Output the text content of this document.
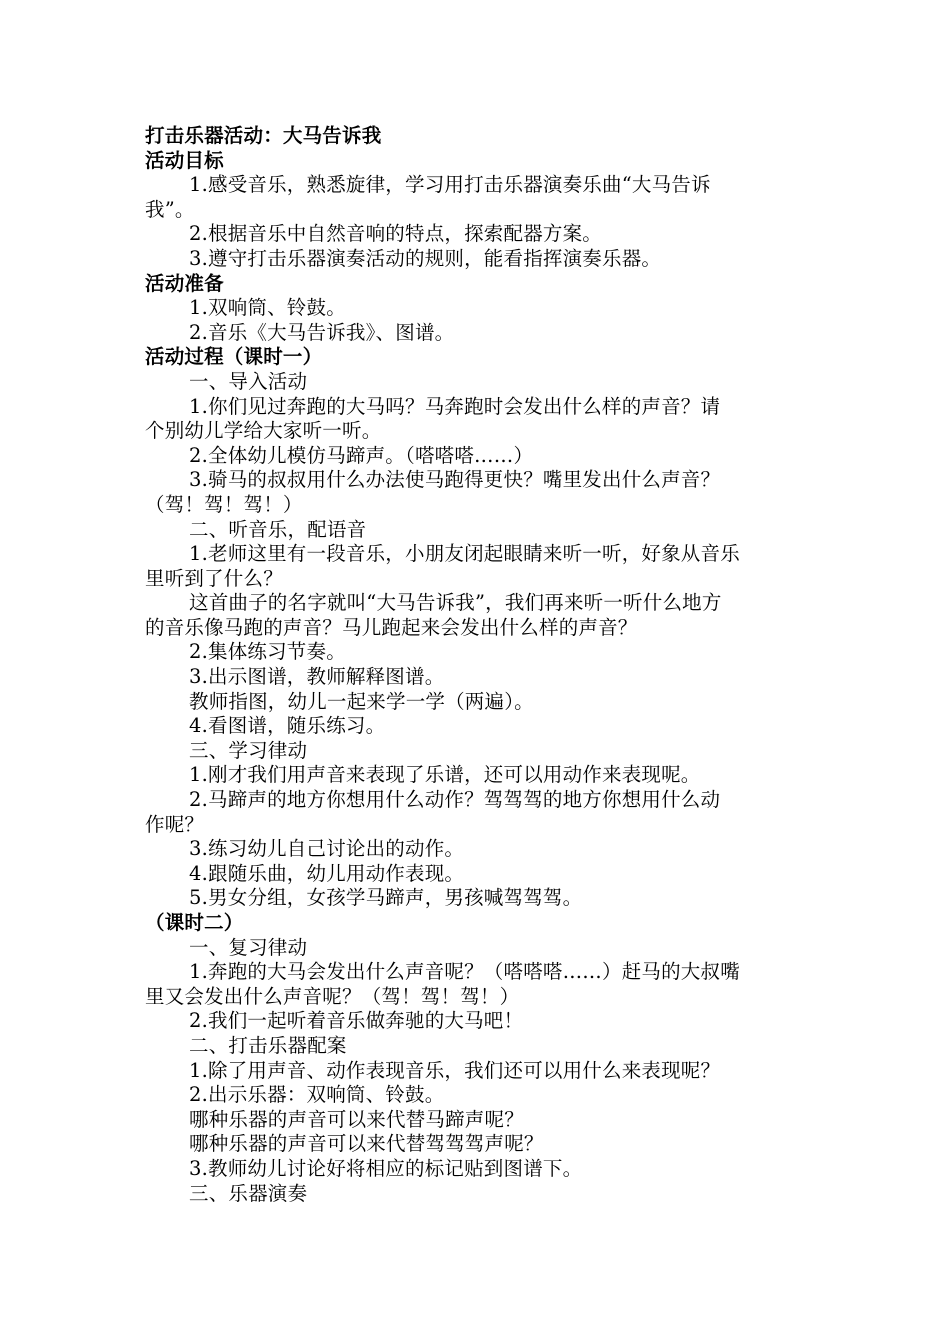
打击乐器活动：大马告诉我
活动目标
1.感受音乐，熟悉旋律，学习用打击乐器演奏乐曲“大马告诉
我”。
2.根据音乐中自然音响的特点，探索配器方案。
3.遵守打击乐器演奏活动的规则，能看指挥演奏乐器。
活动准备
1.双响筒、铃鼓。
2.音乐《大马告诉我》、图谱。
活动过程（课时一）
一、导入活动
1.你们见过奔跑的大马吗？马奔跑时会发出什么样的声音？请
个别幼儿学给大家听一听。
2.全体幼儿模仿马蹄声。（嗒嗒嗒……）
3.骑马的叔叔用什么办法使马跑得更快？嘴里发出什么声音？
（驾！驾！驾！）
二、听音乐，配语音
1.老师这里有一段音乐，小朋友闭起眼睛来听一听，好象从音乐
里听到了什么？
这首曲子的名字就叫“大马告诉我”，我们再来听一听什么地方
的音乐像马跑的声音？马儿跑起来会发出什么样的声音？
2.集体练习节奏。
3.出示图谱，教师解释图谱。
教师指图，幼儿一起来学一学（两遍）。
4.看图谱，随乐练习。
三、学习律动
1.刚才我们用声音来表现了乐谱，还可以用动作来表现呢。
2.马蹄声的地方你想用什么动作？驾驾驾的地方你想用什么动
作呢？
3.练习幼儿自己讨论出的动作。
4.跟随乐曲，幼儿用动作表现。
5.男女分组，女孩学马蹄声，男孩喊驾驾驾。
（课时二）
一、复习律动
1.奔跑的大马会发出什么声音呢？（嗒嗒嗒……）赶马的大叔嘴
里又会发出什么声音呢？（驾！驾！驾！）
2.我们一起听着音乐做奔驰的大马吧！
二、打击乐器配案
1.除了用声音、动作表现音乐，我们还可以用什么来表现呢？
2.出示乐器：双响筒、铃鼓。
哪种乐器的声音可以来代替马蹄声呢？
哪种乐器的声音可以来代替驾驾驾声呢？
3.教师幼儿讨论好将相应的标记贴到图谱下。
三、乐器演奏
